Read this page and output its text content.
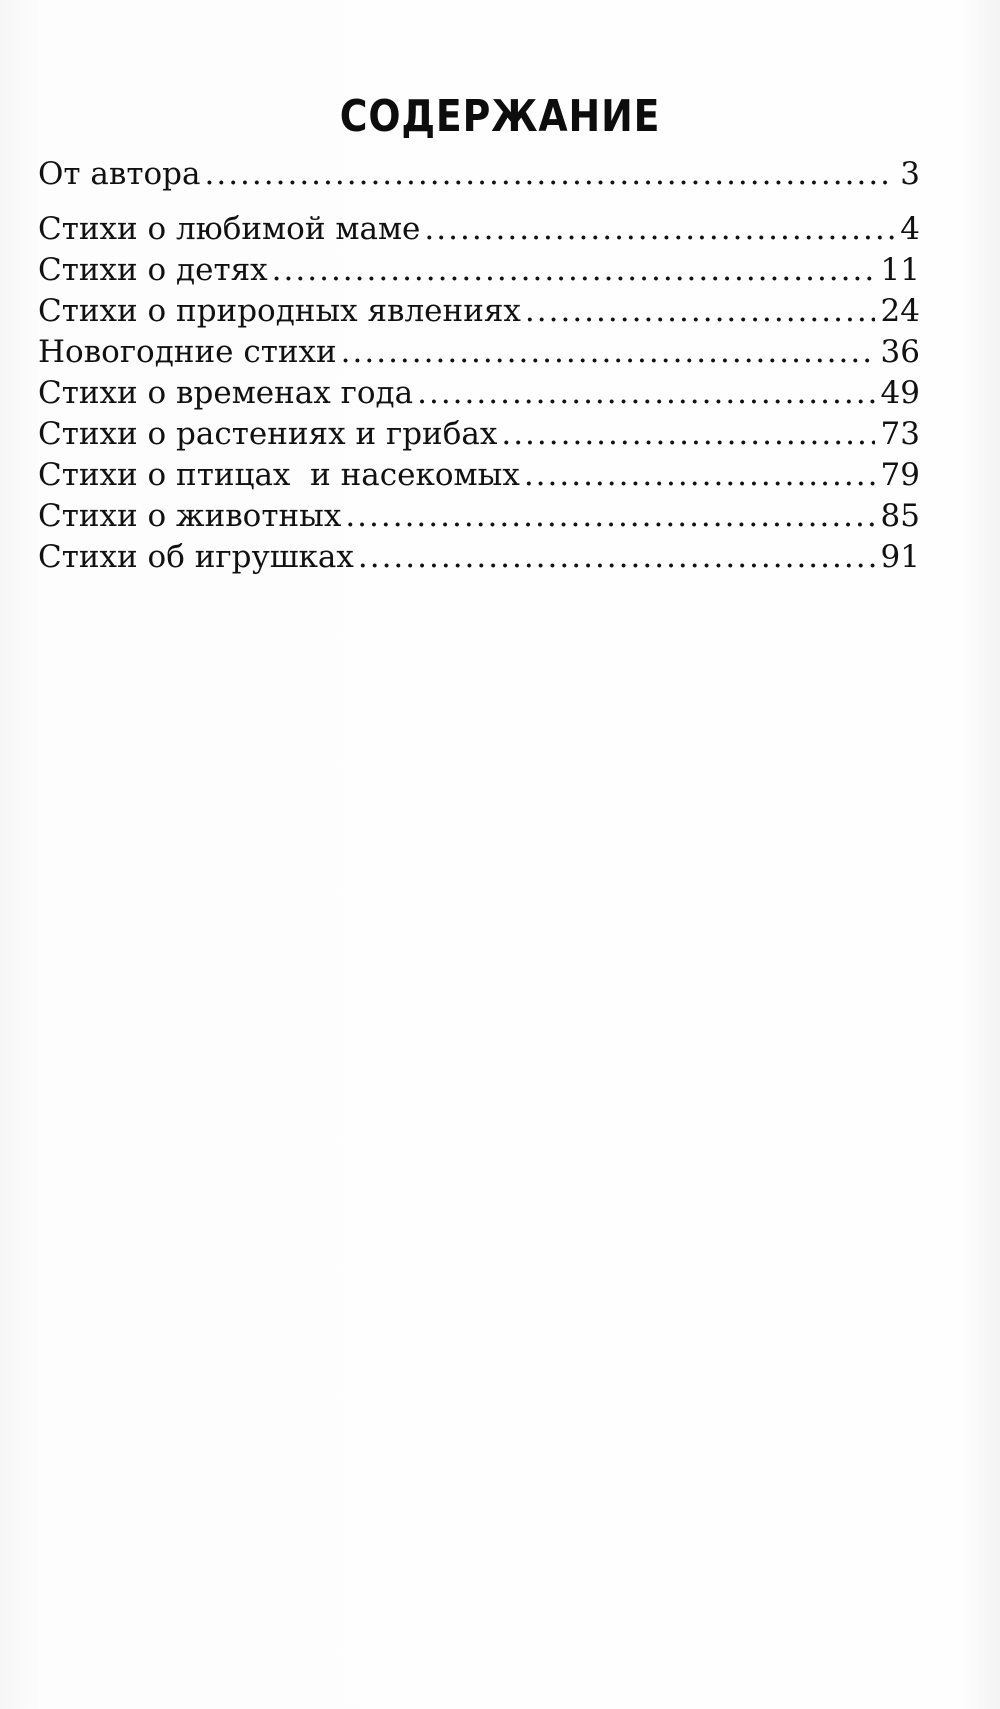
СОДЕРЖАНИЕ
От автора .....	3
Стихи о любимой маме .....	4
Стихи о детях .....	11
Стихи о природных явлениях .....	24
Новогодние стихи .....	36
Стихи о временах года .....	49
Стихи о растениях и грибах .....	73
Стихи о птицах  и насекомых .....	79
Стихи о животных .....	85
Стихи об игрушках .....	91
